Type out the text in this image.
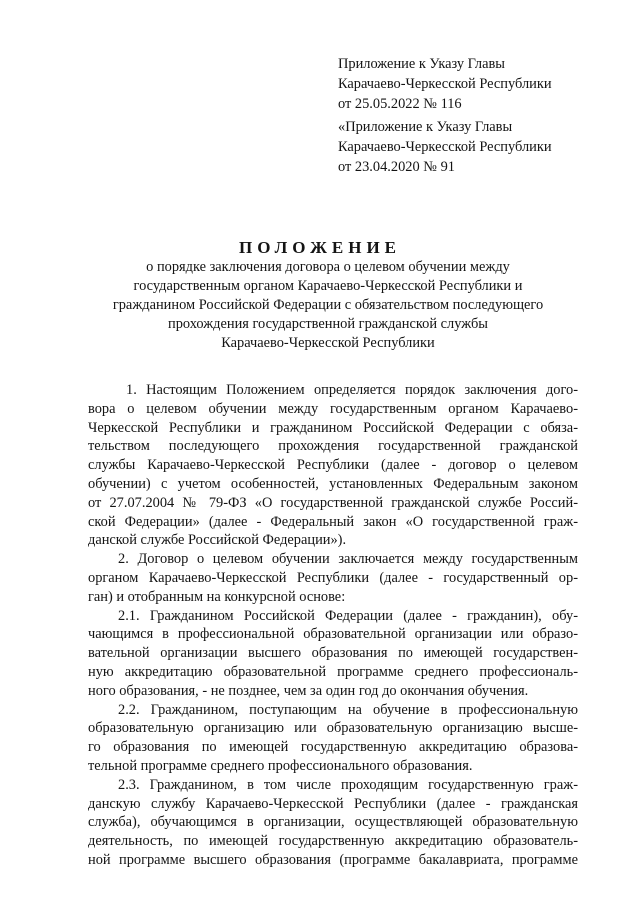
Приложение к Указу Главы
Карачаево-Черкесской Республики
от 25.05.2022 № 116
«Приложение к Указу Главы
Карачаево-Черкесской Республики
от 23.04.2020 № 91
ПОЛОЖЕНИЕ
о порядке заключения договора о целевом обучении между
государственным органом Карачаево-Черкесской Республики и
гражданином Российской Федерации с обязательством последующего
прохождения государственной гражданской службы
Карачаево-Черкесской Республики
1. Настоящим Положением определяется порядок заключения дого-
вора о целевом обучении между государственным органом Карачаево-
Черкесской Республики и гражданином Российской Федерации с обяза-
тельством последующего прохождения государственной гражданской
службы Карачаево-Черкесской Республики (далее - договор о целевом
обучении) с учетом особенностей, установленных Федеральным законом
от 27.07.2004 № 79-ФЗ «О государственной гражданской службе Россий-
ской Федерации» (далее - Федеральный закон «О государственной граж-
данской службе Российской Федерации»).
2. Договор о целевом обучении заключается между государственным
органом Карачаево-Черкесской Республики (далее - государственный ор-
ган) и отобранным на конкурсной основе:
2.1. Гражданином Российской Федерации (далее - гражданин), обу-
чающимся в профессиональной образовательной организации или образо-
вательной организации высшего образования по имеющей государствен-
ную аккредитацию образовательной программе среднего профессиональ-
ного образования, - не позднее, чем за один год до окончания обучения.
2.2. Гражданином, поступающим на обучение в профессиональную
образовательную организацию или образовательную организацию высше-
го образования по имеющей государственную аккредитацию образова-
тельной программе среднего профессионального образования.
2.3. Гражданином, в том числе проходящим государственную граж-
данскую службу Карачаево-Черкесской Республики (далее - гражданская
служба), обучающимся в организации, осуществляющей образовательную
деятельность, по имеющей государственную аккредитацию образователь-
ной программе высшего образования (программе бакалавриата, программе
